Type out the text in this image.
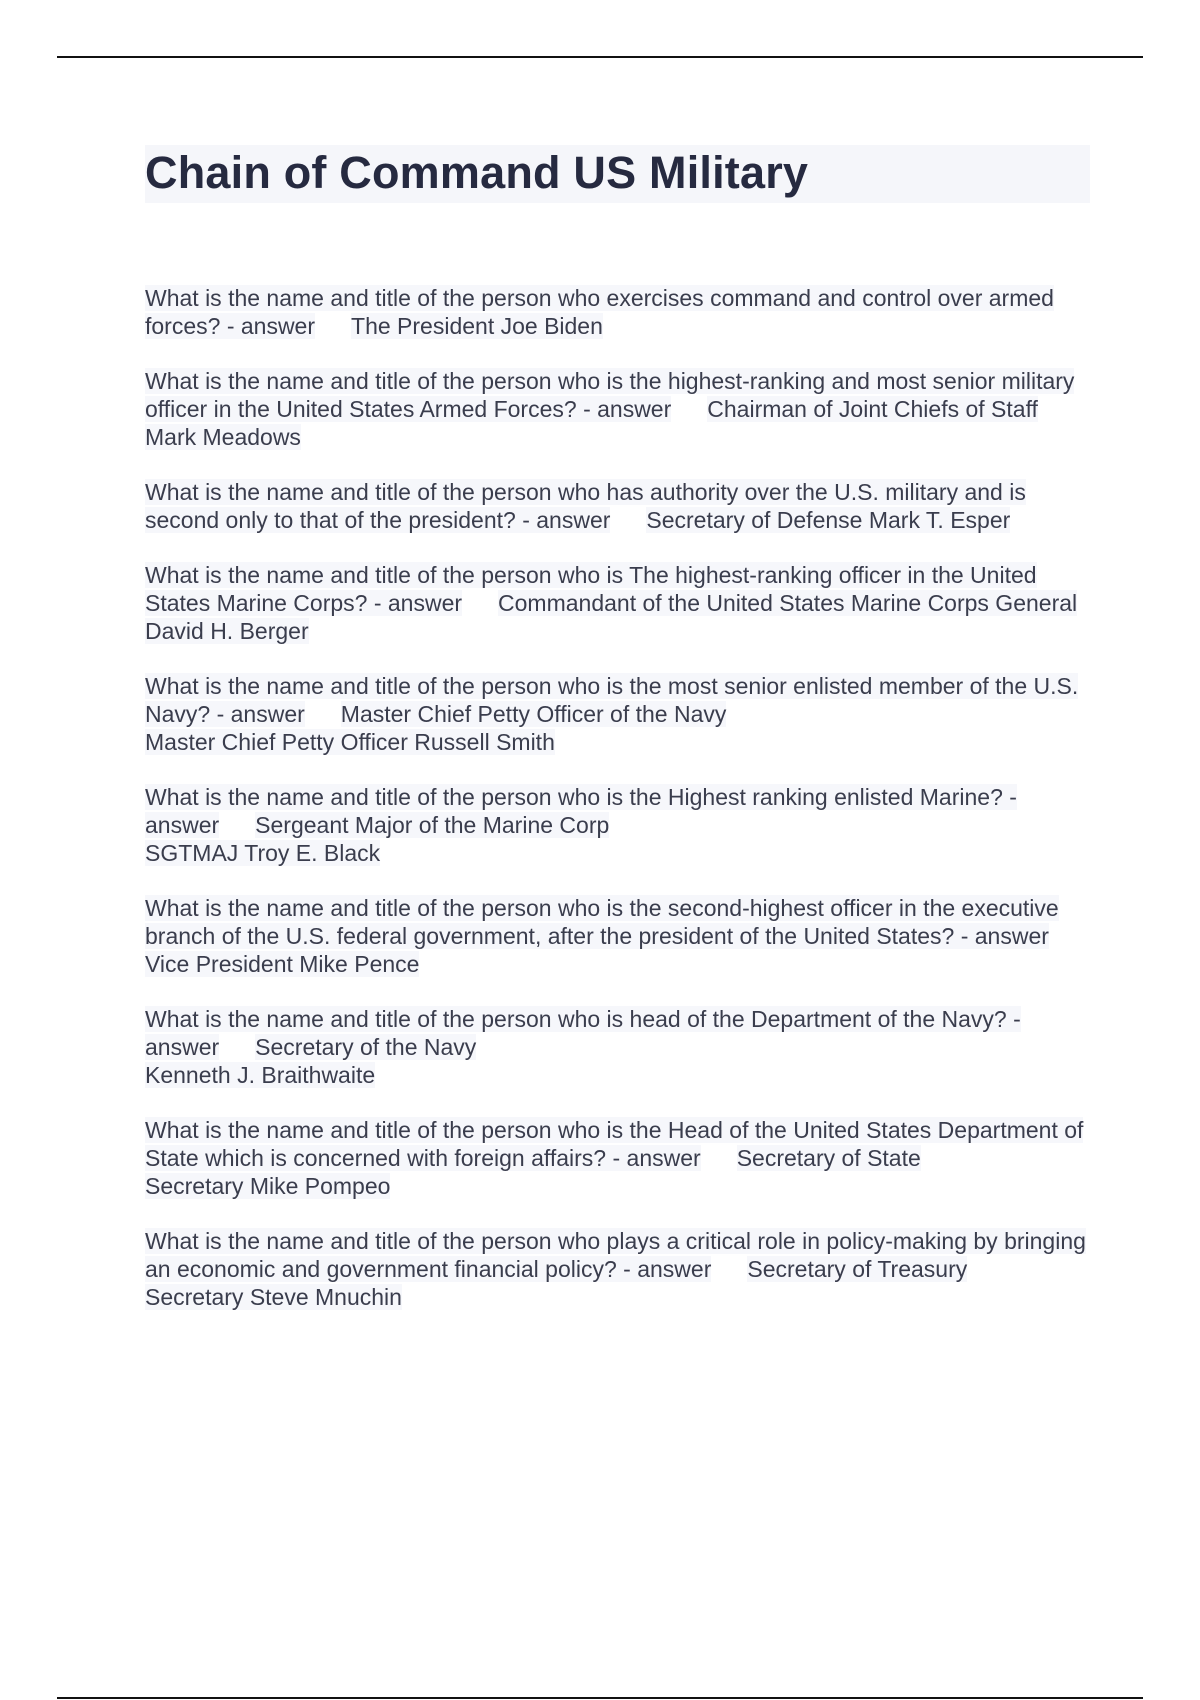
Chain of Command US Military

What is the name and title of the person who exercises command and control over armed forces? - answer The President Joe Biden

What is the name and title of the person who is the highest-ranking and most senior military officer in the United States Armed Forces? - answer Chairman of Joint Chiefs of Staff Mark Meadows

What is the name and title of the person who has authority over the U.S. military and is second only to that of the president? - answer Secretary of Defense Mark T. Esper

What is the name and title of the person who is The highest-ranking officer in the United States Marine Corps? - answer Commandant of the United States Marine Corps General David H. Berger

What is the name and title of the person who is the most senior enlisted member of the U.S. Navy? - answer Master Chief Petty Officer of the Navy

Master Chief Petty Officer Russell Smith

What is the name and title of the person who is the Highest ranking enlisted Marine? - answer Sergeant Major of the Marine Corp

SGTMAJ Troy E. Black

What is the name and title of the person who is the second-highest officer in the executive branch of the U.S. federal government, after the president of the United States? - answerVice President Mike Pence

What is the name and title of the person who is head of the Department of the Navy? - answer Secretary of the Navy

Kenneth J. Braithwaite

What is the name and title of the person who is the Head of the United States Department of State which is concerned with foreign affairs? - answer Secretary of State

Secretary Mike Pompeo

What is the name and title of the person who plays a critical role in policy-making by bringing an economic and government financial policy? - answer Secretary of Treasury

Secretary Steve Mnuchin
